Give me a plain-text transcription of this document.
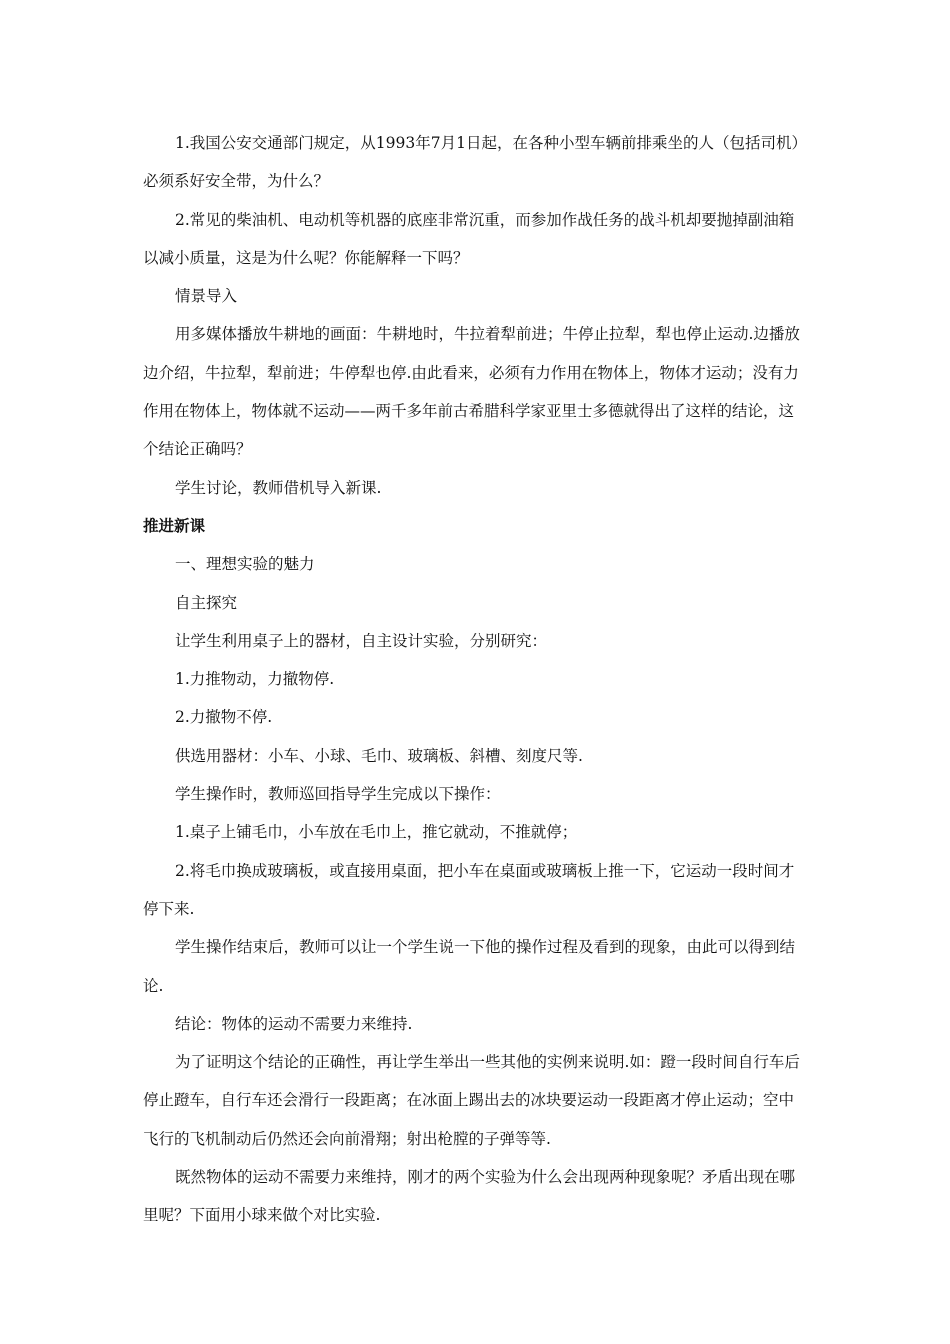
1.我国公安交通部门规定，从1993年7月1日起，在各种小型车辆前排乘坐的人（包括司机）必须系好安全带，为什么？

2.常见的柴油机、电动机等机器的底座非常沉重，而参加作战任务的战斗机却要抛掉副油箱以减小质量，这是为什么呢？你能解释一下吗？

情景导入

用多媒体播放牛耕地的画面：牛耕地时，牛拉着犁前进；牛停止拉犁，犁也停止运动.边播放边介绍，牛拉犁，犁前进；牛停犁也停.由此看来，必须有力作用在物体上，物体才运动；没有力作用在物体上，物体就不运动——两千多年前古希腊科学家亚里士多德就得出了这样的结论，这个结论正确吗？

学生讨论，教师借机导入新课.

推进新课

一、理想实验的魅力

自主探究

让学生利用桌子上的器材，自主设计实验，分别研究：

1.力推物动，力撤物停.

2.力撤物不停.

供选用器材：小车、小球、毛巾、玻璃板、斜槽、刻度尺等.

学生操作时，教师巡回指导学生完成以下操作：

1.桌子上铺毛巾，小车放在毛巾上，推它就动，不推就停；

2.将毛巾换成玻璃板，或直接用桌面，把小车在桌面或玻璃板上推一下，它运动一段时间才停下来.

学生操作结束后，教师可以让一个学生说一下他的操作过程及看到的现象，由此可以得到结论.

结论：物体的运动不需要力来维持.

为了证明这个结论的正确性，再让学生举出一些其他的实例来说明.如：蹬一段时间自行车后停止蹬车，自行车还会滑行一段距离；在冰面上踢出去的冰块要运动一段距离才停止运动；空中飞行的飞机制动后仍然还会向前滑翔；射出枪膛的子弹等等.

既然物体的运动不需要力来维持，刚才的两个实验为什么会出现两种现象呢？矛盾出现在哪里呢？下面用小球来做个对比实验.
